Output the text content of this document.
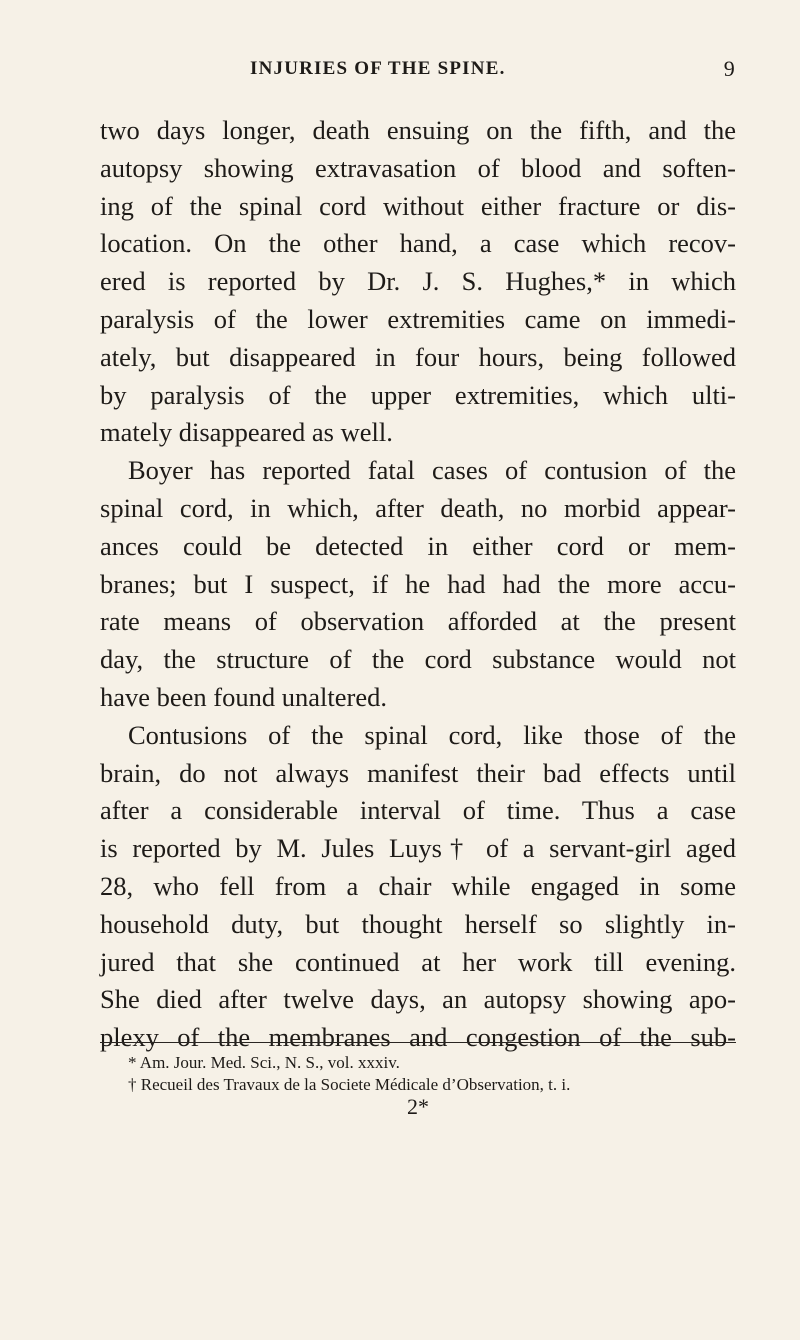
INJURIES OF THE SPINE.	9
two days longer, death ensuing on the fifth, and the
autopsy showing extravasation of blood and soften-
ing of the spinal cord without either fracture or dis-
location. On the other hand, a case which recov-
ered is reported by Dr. J. S. Hughes,* in which
paralysis of the lower extremities came on immedi-
ately, but disappeared in four hours, being followed
by paralysis of the upper extremities, which ulti-
mately disappeared as well.
Boyer has reported fatal cases of contusion of the
spinal cord, in which, after death, no morbid appear-
ances could be detected in either cord or mem-
branes; but I suspect, if he had had the more accu-
rate means of observation afforded at the present
day, the structure of the cord substance would not
have been found unaltered.
Contusions of the spinal cord, like those of the
brain, do not always manifest their bad effects until
after a considerable interval of time. Thus a case
is reported by M. Jules Luys† of a servant-girl aged
28, who fell from a chair while engaged in some
household duty, but thought herself so slightly in-
jured that she continued at her work till evening.
She died after twelve days, an autopsy showing apo-
plexy of the membranes and congestion of the sub-
* Am. Jour. Med. Sci., N. S., vol. xxxiv.
† Recueil des Travaux de la Societe Médicale d’Observation, t. i.
2*
